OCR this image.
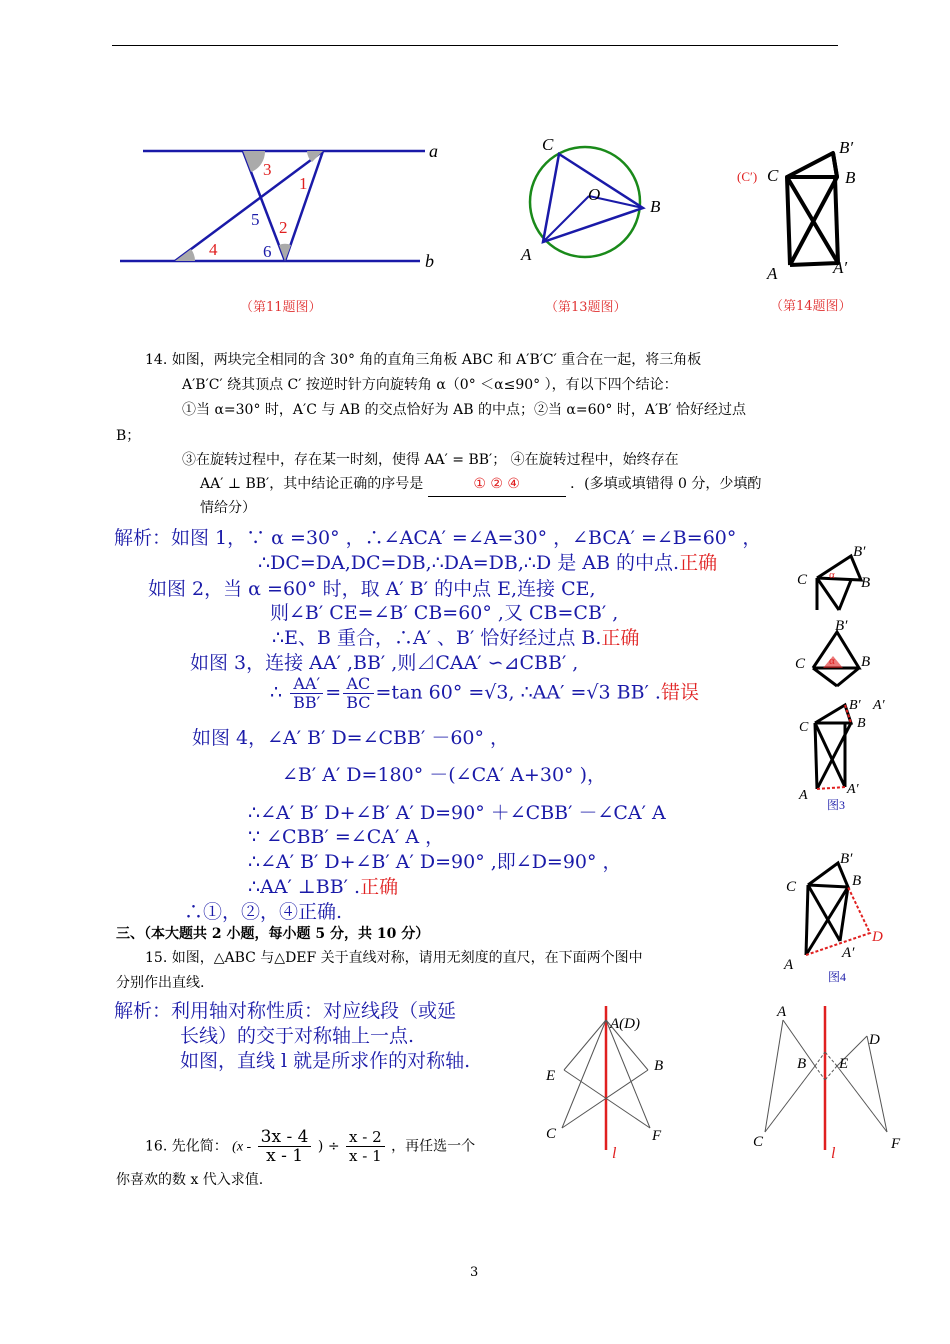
a
b
3
1
5 2
4	6
（第11题图）
C
O
B
A
（第13题图）
(C′) C
B′
B
A	A′
（第14题图）
14. 如图，两块完全相同的含 30° 角的直角三角板 ABC 和 A′B′C′ 重合在一起，将三角板
A′B′C′ 绕其顶点 C′ 按逆时针方向旋转角 α（0° ＜α≤90° ），有以下四个结论：
①当 α=30° 时，A′C 与 AB 的交点恰好为 AB 的中点；②当 α=60° 时，A′B′ 恰好经过点
B；
③在旋转过程中，存在某一时刻，使得 AA′ = BB′； ④在旋转过程中，始终存在
AA′ ⊥ BB′，其中结论正确的序号是	① ② ④	．(多填或填错得 0 分，少填酌
情给分）
解析：如图 1，∵ α =30° ，∴∠ACA′ =∠A=30° ，∠BCA′ =∠B=60° ，
∴DC=DA,DC=DB,∴DA=DB,∴D 是 AB 的中点.正确
如图 2，当 α =60° 时，取 A′ B′ 的中点 E,连接 CE,
则∠B′ CE=∠B′ CB=60° ,又 CB=CB′ ,
∴E、B 重合，∴A′ 、B′ 恰好经过点 B.正确
如图 3，连接 AA′ ,BB′ ,则⊿CAA′ ∽⊿CBB′ ,
∴ $\frac{AA'}{BB'} = \frac{AC}{BC} =\tan$ 60° =√3, ∴AA′ =√3 BB′ .错误
如图 4，∠A′ B′ D=∠CBB′ －60° ，
∠B′ A′ D=180° －(∠CA′ A+30° )，
∴∠A′ B′ D+∠B′ A′ D=90° ＋∠CBB′ －∠CA′ A
∵ ∠CBB′ =∠CA′ A ，
∴∠A′ B′ D+∠B′ A′ D=90° ,即∠D=90° ，
∴AA′ ⊥BB′ .正确
∴①，②，④正确.
B′
C α B
B′
C α B
B′ A′
C	B
A	A′
图3
B′
C	B
A′
A
D
图4
三、（本大题共 2 小题，每小题 5 分，共 10 分）
15. 如图，△ABC 与△DEF 关于直线对称，请用无刻度的直尺，在下面两个图中
分别作出直线.
解析：利用轴对称性质：对应线段（或延
长线）的交于对称轴上一点.
如图，直线 l 就是所求作的对称轴.
A(D)
E
B
C	F
l
A
D
B E
C	F
l
16. 先化简： ($x - \frac{3x - 4}{x - 1}$ ) ÷ $\frac{x - 2}{x - 1}$ ，再任选一个
你喜欢的数 x 代入求值.
3
